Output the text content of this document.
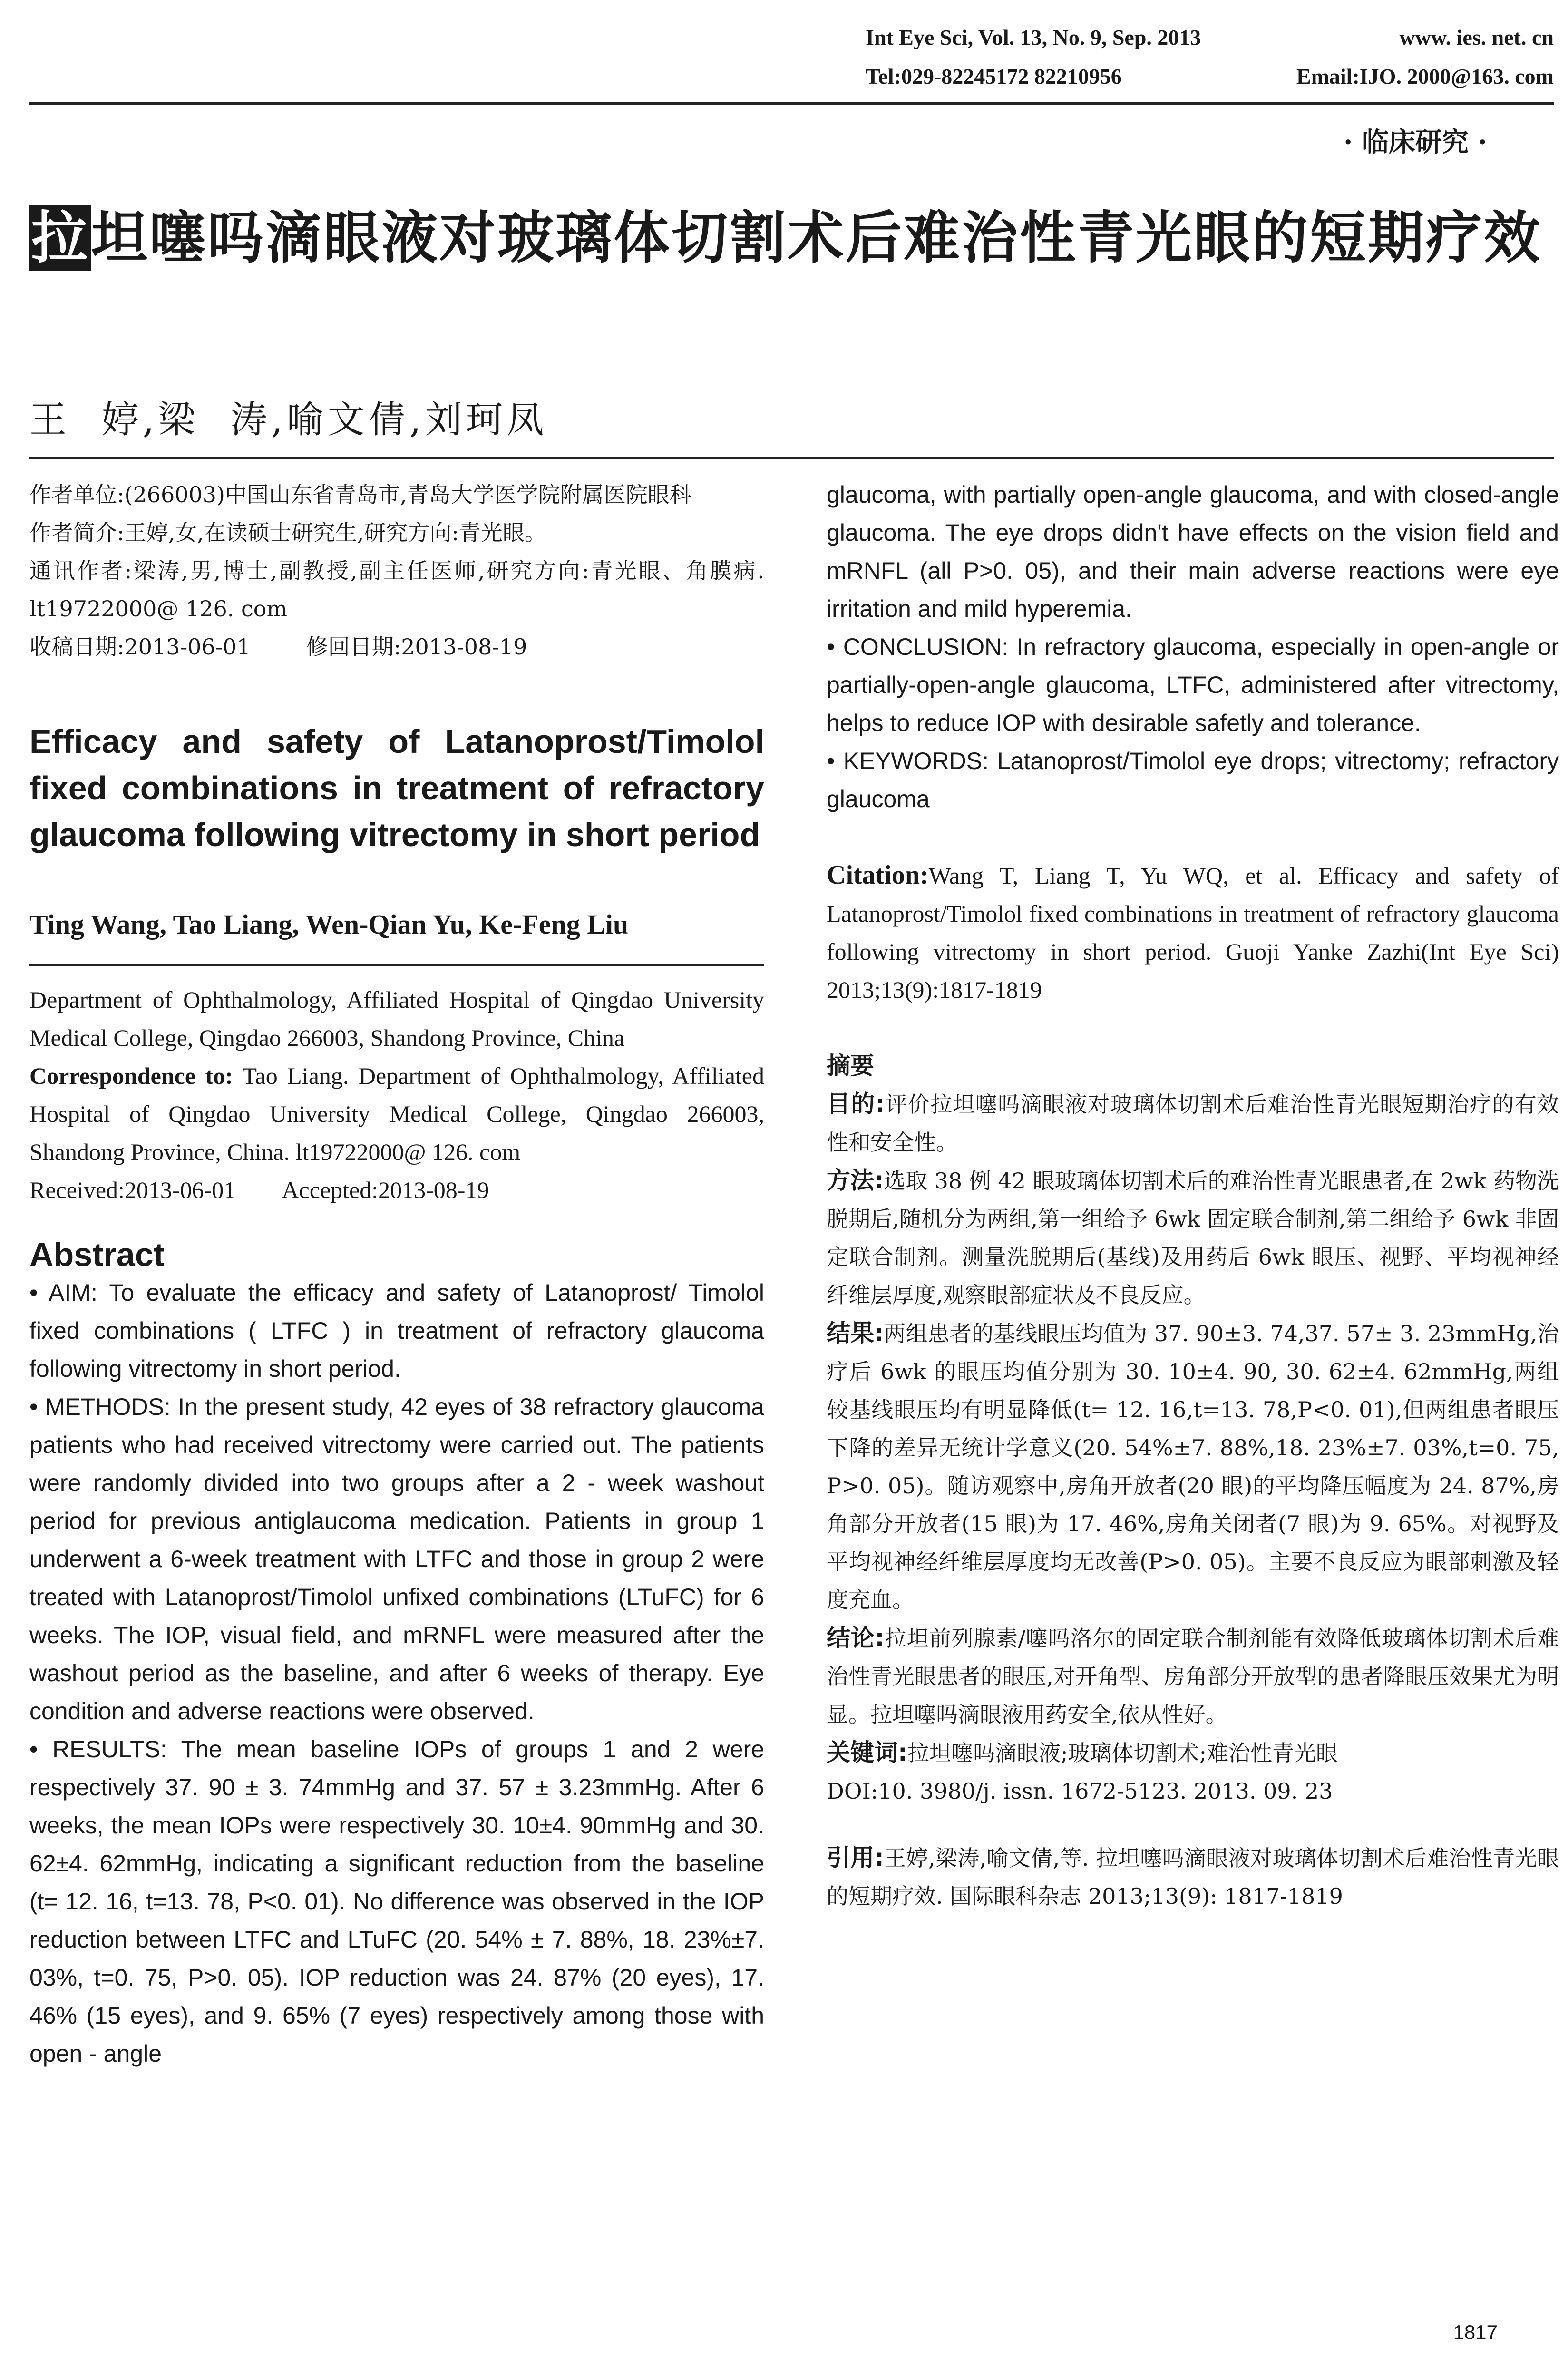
Int Eye Sci, Vol. 13, No. 9, Sep. 2013	www. ies. net. cn
Tel:029-82245172 82210956	Email:IJO. 2000@163. com
· 临床研究 ·
拉坦噻吗滴眼液对玻璃体切割术后难治性青光眼的短期疗效
王  婷,梁  涛,喻文倩,刘珂凤

作者单位:(266003)中国山东省青岛市,青岛大学医学院附属医院眼科

作者简介:王婷,女,在读硕士研究生,研究方向:青光眼。

通讯作者:梁涛,男,博士,副教授,副主任医师,研究方向:青光眼、角膜病. lt19722000@ 126. com

收稿日期:2013-06-01        修回日期:2013-08-19

Efficacy and safety of Latanoprost/Timolol fixed combinations in treatment of refractory glaucoma following vitrectomy in short period

Ting Wang, Tao Liang, Wen-Qian Yu, Ke-Feng Liu

Department of Ophthalmology, Affiliated Hospital of Qingdao University Medical College, Qingdao 266003, Shandong Province, China

Correspondence to: Tao Liang. Department of Ophthalmology, Affiliated Hospital of Qingdao University Medical College, Qingdao 266003, Shandong Province, China. lt19722000@ 126. com

Received:2013-06-01        Accepted:2013-08-19

Abstract

• AIM: To evaluate the efficacy and safety of Latanoprost/ Timolol fixed combinations ( LTFC ) in treatment of refractory glaucoma following vitrectomy in short period.

• METHODS: In the present study, 42 eyes of 38 refractory glaucoma patients who had received vitrectomy were carried out. The patients were randomly divided into two groups after a 2 - week washout period for previous antiglaucoma medication. Patients in group 1 underwent a 6-week treatment with LTFC and those in group 2 were treated with Latanoprost/Timolol unfixed combinations (LTuFC) for 6 weeks. The IOP, visual field, and mRNFL were measured after the washout period as the baseline, and after 6 weeks of therapy. Eye condition and adverse reactions were observed.

• RESULTS: The mean baseline IOPs of groups 1 and 2 were respectively 37. 90 ± 3. 74mmHg and 37. 57 ± 3.23mmHg. After 6 weeks, the mean IOPs were respectively 30. 10±4. 90mmHg and 30. 62±4. 62mmHg, indicating a significant reduction from the baseline (t= 12. 16, t=13. 78, P<0. 01). No difference was observed in the IOP reduction between LTFC and LTuFC (20. 54% ± 7. 88%, 18. 23%±7. 03%, t=0. 75, P>0. 05). IOP reduction was 24. 87% (20 eyes), 17. 46% (15 eyes), and 9. 65% (7 eyes) respectively among those with open - angle

glaucoma, with partially open-angle glaucoma, and with closed-angle glaucoma. The eye drops didn't have effects on the vision field and mRNFL (all P>0. 05), and their main adverse reactions were eye irritation and mild hyperemia.

• CONCLUSION: In refractory glaucoma, especially in open-angle or partially-open-angle glaucoma, LTFC, administered after vitrectomy, helps to reduce IOP with desirable safetly and tolerance.

• KEYWORDS: Latanoprost/Timolol eye drops; vitrectomy; refractory glaucoma

Citation:Wang T, Liang T, Yu WQ, et al. Efficacy and safety of Latanoprost/Timolol fixed combinations in treatment of refractory glaucoma following vitrectomy in short period. Guoji Yanke Zazhi(Int Eye Sci) 2013;13(9):1817-1819

摘要

目的:评价拉坦噻吗滴眼液对玻璃体切割术后难治性青光眼短期治疗的有效性和安全性。

方法:选取 38 例 42 眼玻璃体切割术后的难治性青光眼患者,在 2wk 药物洗脱期后,随机分为两组,第一组给予 6wk 固定联合制剂,第二组给予 6wk 非固定联合制剂。测量洗脱期后(基线)及用药后 6wk 眼压、视野、平均视神经纤维层厚度,观察眼部症状及不良反应。

结果:两组患者的基线眼压均值为 37. 90±3. 74,37. 57± 3. 23mmHg,治疗后 6wk 的眼压均值分别为 30. 10±4. 90, 30. 62±4. 62mmHg,两组较基线眼压均有明显降低(t= 12. 16,t=13. 78,P<0. 01),但两组患者眼压下降的差异无统计学意义(20. 54%±7. 88%,18. 23%±7. 03%,t=0. 75, P>0. 05)。随访观察中,房角开放者(20 眼)的平均降压幅度为 24. 87%,房角部分开放者(15 眼)为 17. 46%,房角关闭者(7 眼)为 9. 65%。对视野及平均视神经纤维层厚度均无改善(P>0. 05)。主要不良反应为眼部刺激及轻度充血。

结论:拉坦前列腺素/噻吗洛尔的固定联合制剂能有效降低玻璃体切割术后难治性青光眼患者的眼压,对开角型、房角部分开放型的患者降眼压效果尤为明显。拉坦噻吗滴眼液用药安全,依从性好。

关键词:拉坦噻吗滴眼液;玻璃体切割术;难治性青光眼

DOI:10. 3980/j. issn. 1672-5123. 2013. 09. 23

引用:王婷,梁涛,喻文倩,等. 拉坦噻吗滴眼液对玻璃体切割术后难治性青光眼的短期疗效. 国际眼科杂志 2013;13(9): 1817-1819

1817
